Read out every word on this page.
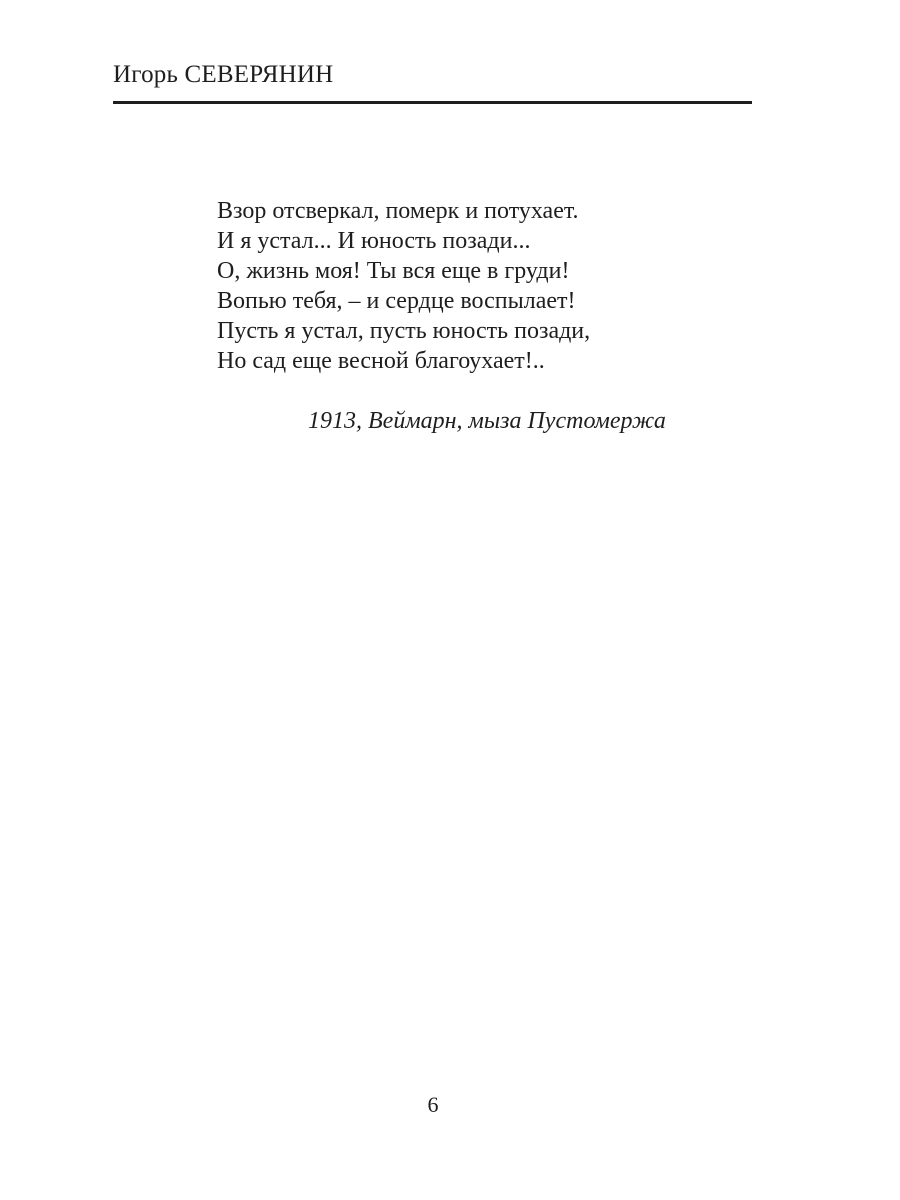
Игорь СЕВЕРЯНИН
Взор отсверкал, померк и потухает.
И я устал... И юность позади...
О, жизнь моя! Ты вся еще в груди!
Вопью тебя, – и сердце воспылает!
Пусть я устал, пусть юность позади,
Но сад еще весной благоухает!..
1913, Веймарн, мыза Пустомержа
6
